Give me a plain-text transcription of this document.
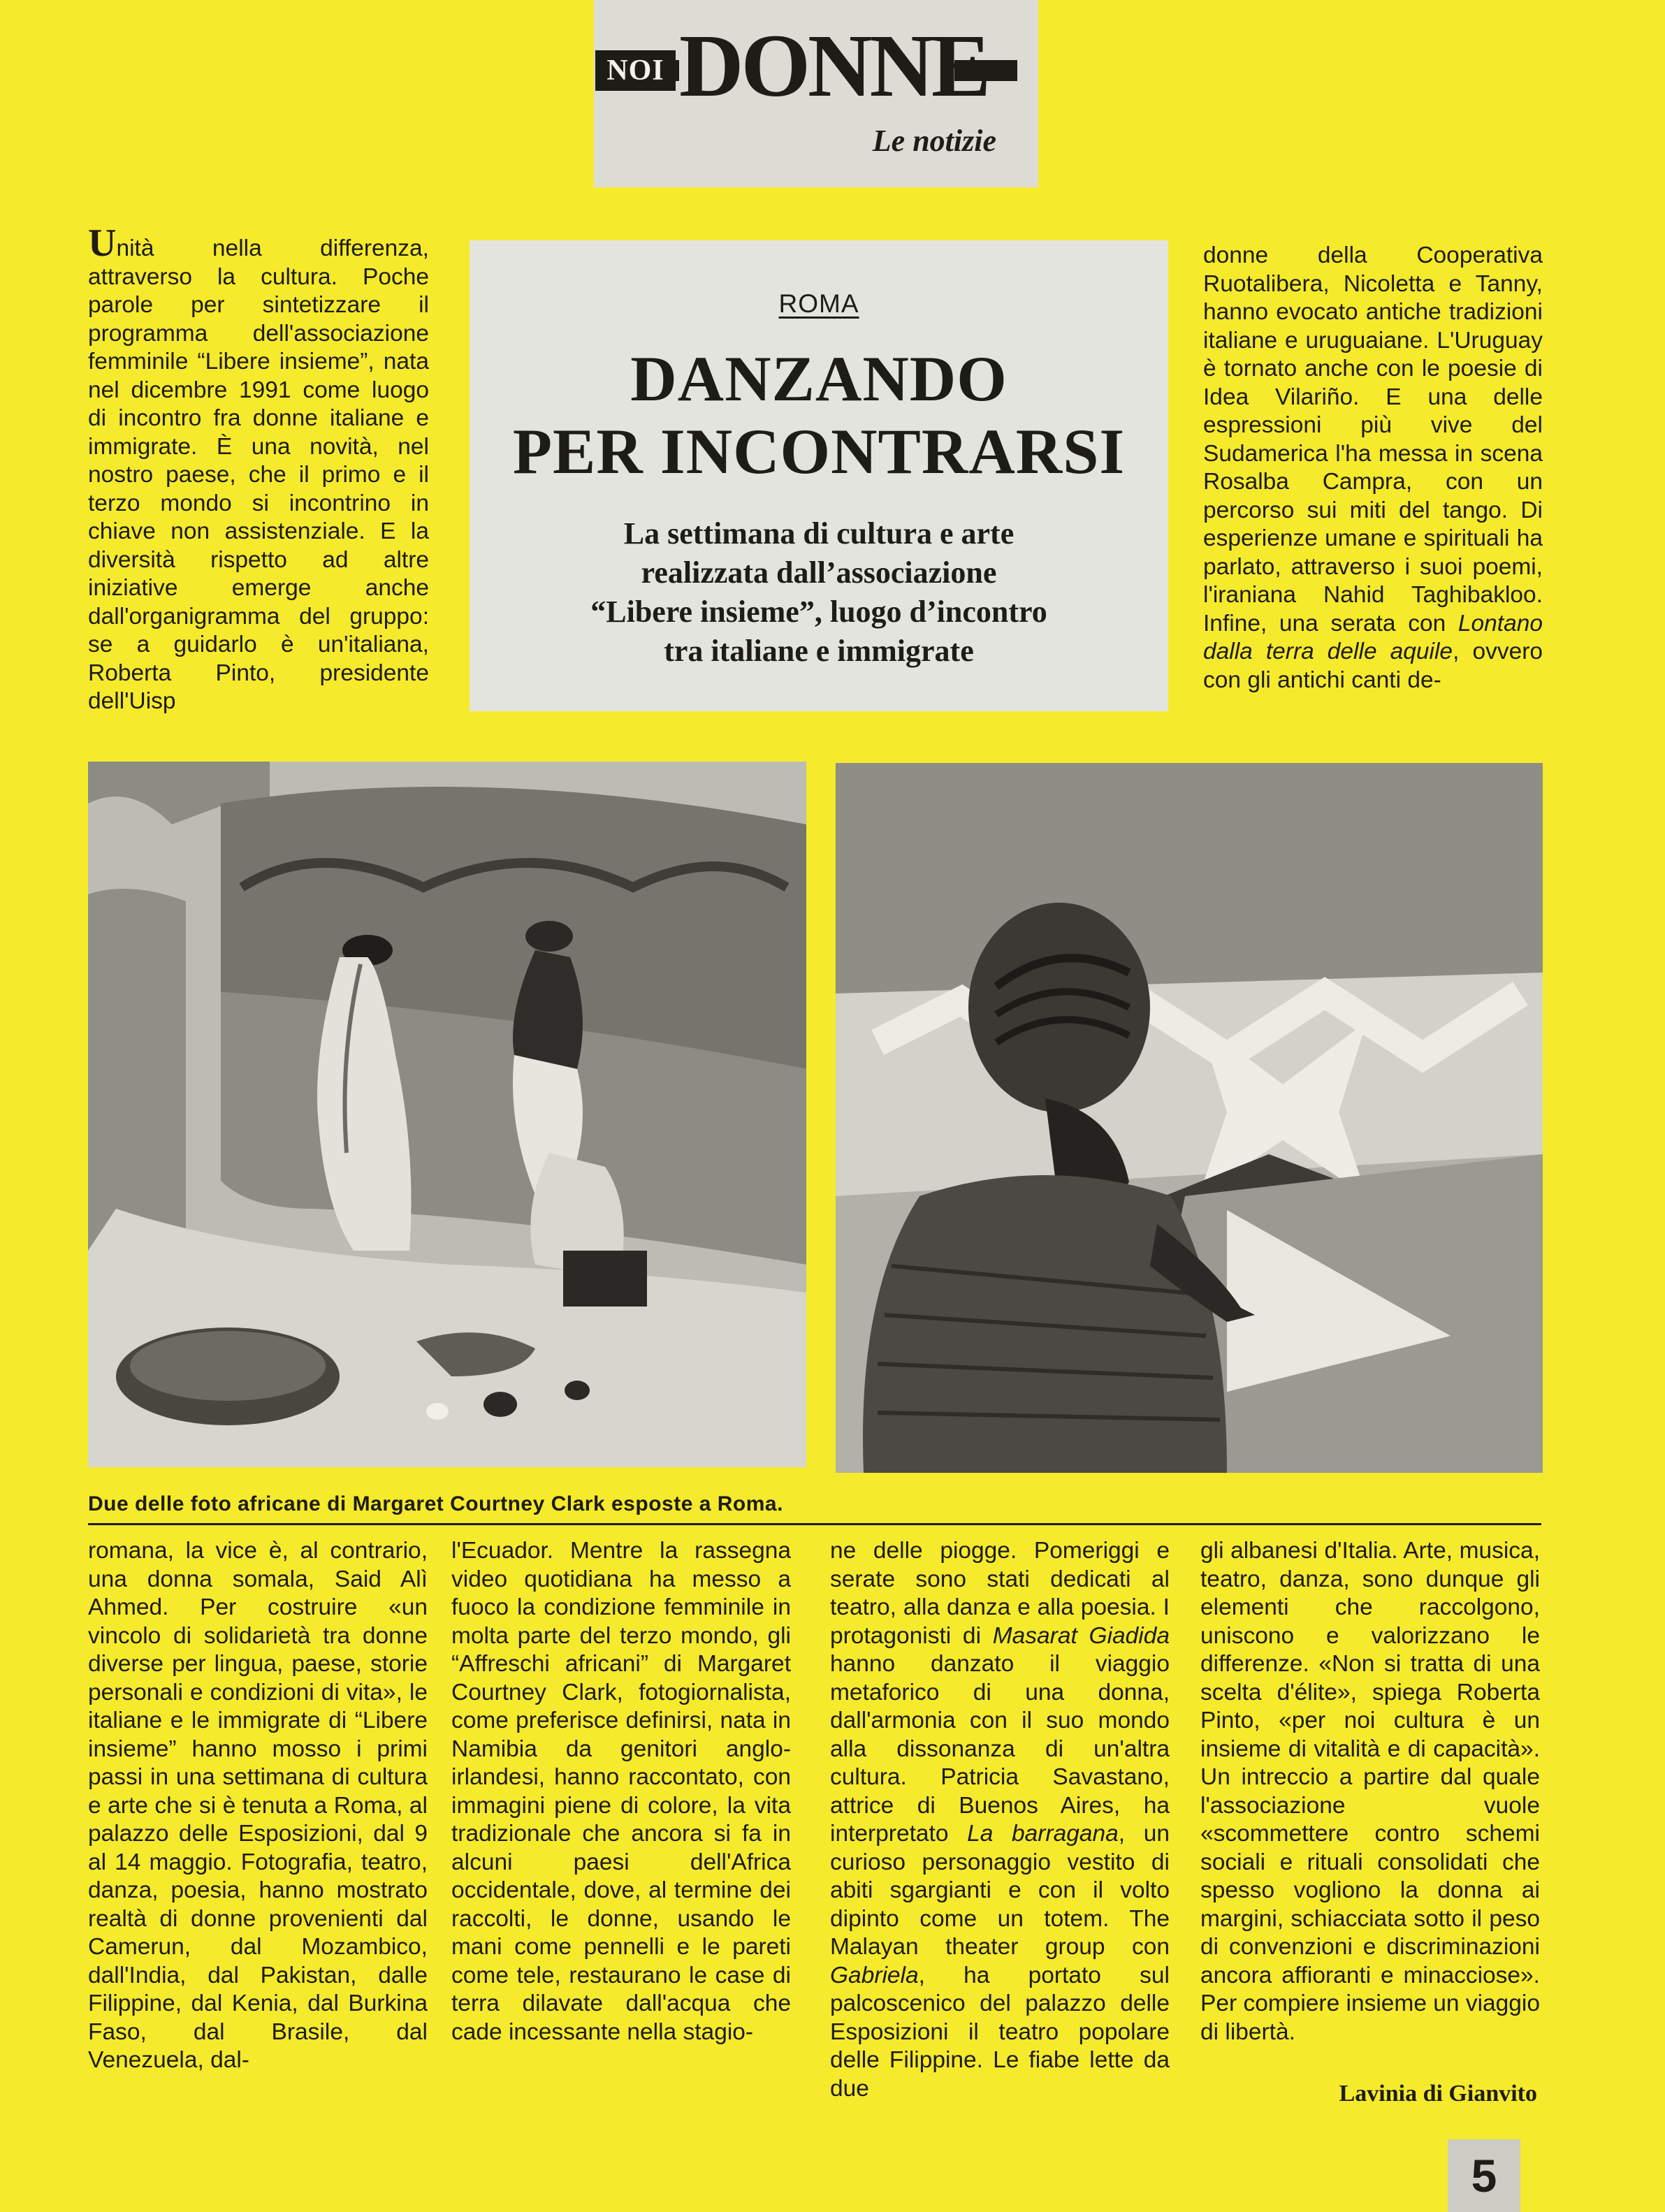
NOI DONNE
Le notizie

Unità nella differenza, attraverso la cultura. Poche parole per sintetizzare il programma dell'associazione femminile “Libere insieme”, nata nel dicembre 1991 come luogo di incontro fra donne italiane e immigrate. È una novità, nel nostro paese, che il primo e il terzo mondo si incontrino in chiave non assistenziale. E la diversità rispetto ad altre iniziative emerge anche dall'organigramma del gruppo: se a guidarlo è un'italiana, Roberta Pinto, presidente dell'Uisp

ROMA
DANZANDO
PER INCONTRARSI
La settimana di cultura e arte
realizzata dall’associazione
“Libere insieme”, luogo d’incontro
tra italiane e immigrate

donne della Cooperativa Ruotalibera, Nicoletta e Tanny, hanno evocato antiche tradizioni italiane e uruguaiane. L'Uruguay è tornato anche con le poesie di Idea Vilariño. E una delle espressioni più vive del Sudamerica l'ha messa in scena Rosalba Campra, con un percorso sui miti del tango. Di esperienze umane e spirituali ha parlato, attraverso i suoi poemi, l'iraniana Nahid Taghibakloo. Infine, una serata con Lontano dalla terra delle aquile, ovvero con gli antichi canti de-

Due delle foto africane di Margaret Courtney Clark esposte a Roma.

romana, la vice è, al contrario, una donna somala, Said Alì Ahmed. Per costruire «un vincolo di solidarietà tra donne diverse per lingua, paese, storie personali e condizioni di vita», le italiane e le immigrate di “Libere insieme” hanno mosso i primi passi in una settimana di cultura e arte che si è tenuta a Roma, al palazzo delle Esposizioni, dal 9 al 14 maggio. Fotografia, teatro, danza, poesia, hanno mostrato realtà di donne provenienti dal Camerun, dal Mozambico, dall'India, dal Pakistan, dalle Filippine, dal Kenia, dal Burkina Faso, dal Brasile, dal Venezuela, dal-

l'Ecuador. Mentre la rassegna video quotidiana ha messo a fuoco la condizione femminile in molta parte del terzo mondo, gli “Affreschi africani” di Margaret Courtney Clark, fotogiornalista, come preferisce definirsi, nata in Namibia da genitori anglo-irlandesi, hanno raccontato, con immagini piene di colore, la vita tradizionale che ancora si fa in alcuni paesi dell'Africa occidentale, dove, al termine dei raccolti, le donne, usando le mani come pennelli e le pareti come tele, restaurano le case di terra dilavate dall'acqua che cade incessante nella stagio-

ne delle piogge. Pomeriggi e serate sono stati dedicati al teatro, alla danza e alla poesia. I protagonisti di Masarat Giadida hanno danzato il viaggio metaforico di una donna, dall'armonia con il suo mondo alla dissonanza di un'altra cultura. Patricia Savastano, attrice di Buenos Aires, ha interpretato La barragana, un curioso personaggio vestito di abiti sgargianti e con il volto dipinto come un totem. The Malayan theater group con Gabriela, ha portato sul palcoscenico del palazzo delle Esposizioni il teatro popolare delle Filippine. Le fiabe lette da due

gli albanesi d'Italia. Arte, musica, teatro, danza, sono dunque gli elementi che raccolgono, uniscono e valorizzano le differenze. «Non si tratta di una scelta d'élite», spiega Roberta Pinto, «per noi cultura è un insieme di vitalità e di capacità». Un intreccio a partire dal quale l'associazione vuole «scommettere contro schemi sociali e rituali consolidati che spesso vogliono la donna ai margini, schiacciata sotto il peso di convenzioni e discriminazioni ancora affioranti e minacciose». Per compiere insieme un viaggio di libertà.

Lavinia di Gianvito
5
